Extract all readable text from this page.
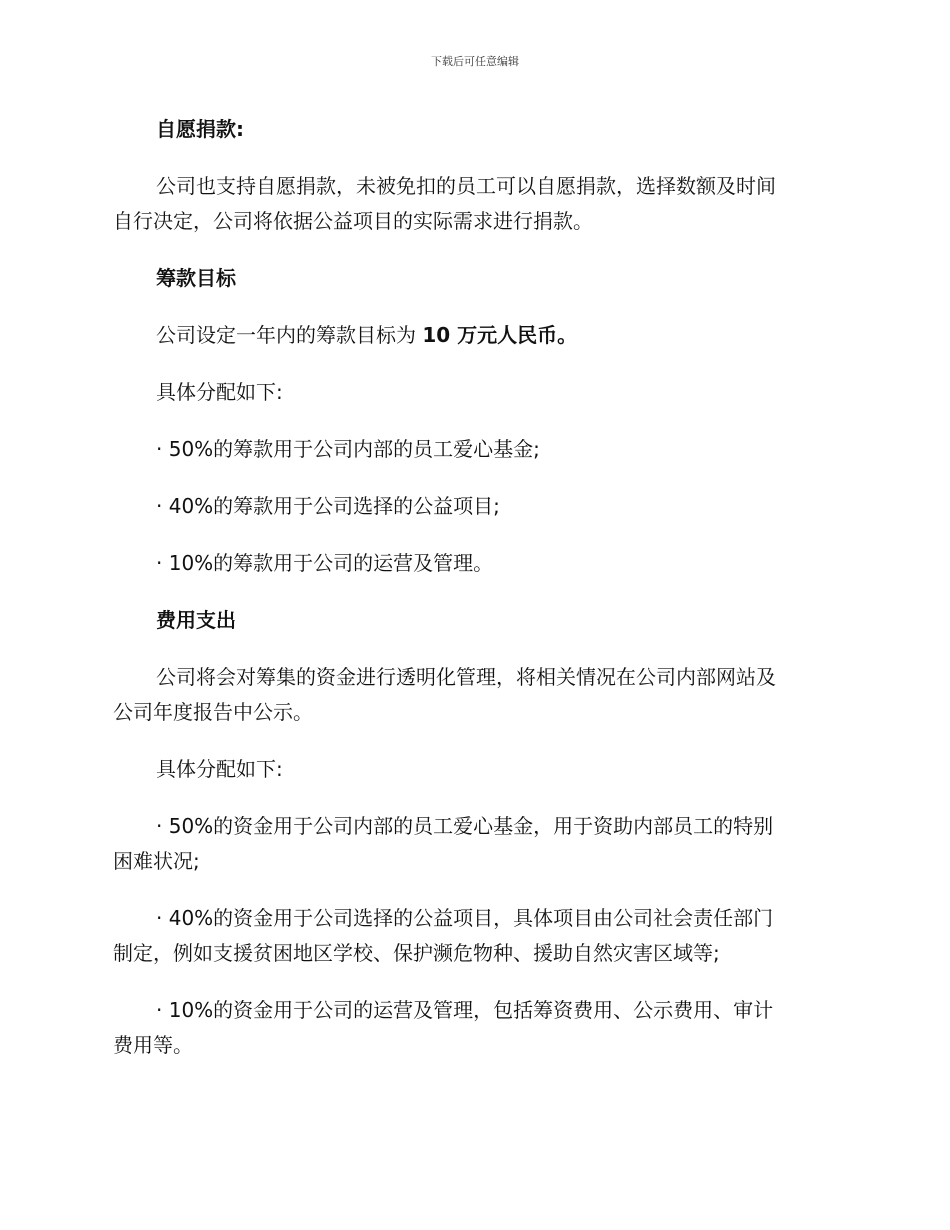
下载后可任意编辑
自愿捐款:
公司也支持自愿捐款，未被免扣的员工可以自愿捐款，选择数额及时间
自行决定，公司将依据公益项目的实际需求进行捐款。
筹款目标
公司设定一年内的筹款目标为 10 万元人民币。
具体分配如下:
· 50%的筹款用于公司内部的员工爱心基金;
· 40%的筹款用于公司选择的公益项目;
· 10%的筹款用于公司的运营及管理。
费用支出
公司将会对筹集的资金进行透明化管理，将相关情况在公司内部网站及
公司年度报告中公示。
具体分配如下:
· 50%的资金用于公司内部的员工爱心基金，用于资助内部员工的特别
困难状况;
· 40%的资金用于公司选择的公益项目，具体项目由公司社会责任部门
制定，例如支援贫困地区学校、保护濒危物种、援助自然灾害区域等;
· 10%的资金用于公司的运营及管理，包括筹资费用、公示费用、审计
费用等。
